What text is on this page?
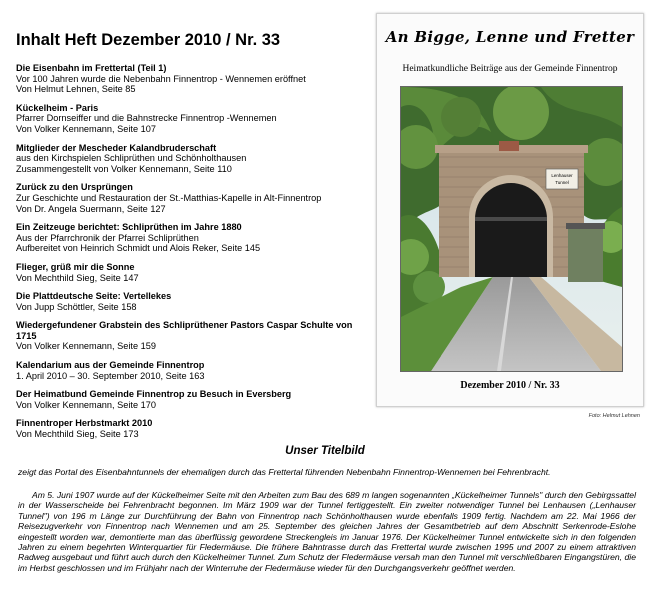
Inhalt Heft Dezember 2010 / Nr. 33
Die Eisenbahn im Frettertal (Teil 1)
Vor 100 Jahren wurde die Nebenbahn Finnentrop - Wennemen eröffnet
Von Helmut Lehnen, Seite 85
Kückelheim - Paris
Pfarrer Dornseiffer und die Bahnstrecke Finnentrop -Wennemen
Von Volker Kennemann, Seite 107
Mitglieder der Mescheder Kalandbruderschaft
aus den Kirchspielen Schliprüthen und Schönholthausen
Zusammengestellt von Volker Kennemann, Seite 110
Zurück zu den Ursprüngen
Zur Geschichte und Restauration der St.-Matthias-Kapelle in Alt-Finnentrop
Von Dr. Angela Suermann, Seite 127
Ein Zeitzeuge berichtet: Schliprüthen im Jahre 1880
Aus der Pfarrchronik der Pfarrei Schliprüthen
Aufbereitet von Heinrich Schmidt und Alois Reker, Seite 145
Flieger, grüß mir die Sonne
Von Mechthild Sieg, Seite 147
Die Plattdeutsche Seite: Vertellekes
Von Jupp Schöttler, Seite 158
Wiedergefundener Grabstein des Schliprüthener Pastors Caspar Schulte von 1715
Von Volker Kennemann, Seite 159
Kalendarium aus der Gemeinde Finnentrop
1. April 2010 – 30. September 2010, Seite 163
Der Heimatbund Gemeinde Finnentrop zu Besuch in Eversberg
Von Volker Kennemann, Seite 170
Finnentroper Herbstmarkt 2010
Von Mechthild Sieg, Seite 173
An Bigge, Lenne und Fretter
Heimatkundliche Beiträge aus der Gemeinde Finnentrop
Lenhauser
Tunnel
Dezember 2010 / Nr. 33
Foto: Helmut Lehnen
Unser Titelbild
zeigt das Portal des Eisenbahntunnels der ehemaligen durch das Frettertal führenden Nebenbahn Finnentrop-Wennemen bei Fehrenbracht.
Am 5. Juni 1907 wurde auf der Kückelheimer Seite mit den Arbeiten zum Bau des 689 m langen sogenannten „Kückelheimer Tunnels" durch den Gebirgssattel in der Wasserscheide bei Fehrenbracht begonnen. Im März 1909 war der Tunnel fertiggestellt. Ein zweiter notwendiger Tunnel bei Lenhausen („Lenhauser Tunnel") von 196 m Länge zur Durchführung der Bahn von Finnentrop nach Schönholthausen wurde ebenfalls 1909 fertig. Nachdem am 22. Mai 1966 der Reisezugverkehr von Finnentrop nach Wennemen und am 25. September des gleichen Jahres der Gesamtbetrieb auf dem Abschnitt Serkenrode-Eslohe eingestellt worden war, demontierte man das überflüssig gewordene Streckengleis im Januar 1976. Der Kückelheimer Tunnel entwickelte sich in den folgenden Jahren zu einem begehrten Winterquartier für Fledermäuse. Die frühere Bahntrasse durch das Frettertal wurde zwischen 1995 und 2007 zu einem attraktiven Radweg ausgebaut und führt auch durch den Kückelheimer Tunnel. Zum Schutz der Fledermäuse versah man den Tunnel mit verschließbaren Eingangstüren, die im Herbst geschlossen und im Frühjahr nach der Winterruhe der Fledermäuse wieder für den Durchgangsverkehr geöffnet werden.
